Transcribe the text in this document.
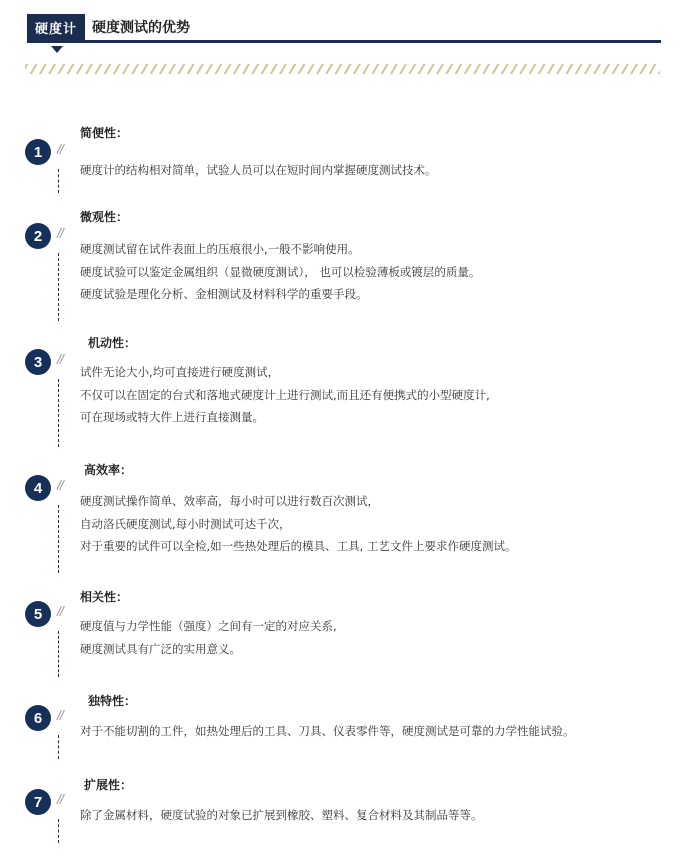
硬度计	硬度测试的优势
简便性：
1	//
硬度计的结构相对简单，试验人员可以在短时间内掌握硬度测试技术。
微观性：
2	//
硬度测试留在试件表面上的压痕很小,一般不影响使用。
硬度试验可以鉴定金属组织（显微硬度测试）， 也可以检验薄板或镀层的质量。
硬度试验是理化分析、金相测试及材料科学的重要手段。
机动性：
3	//
试件无论大小,均可直接进行硬度测试，
不仅可以在固定的台式和落地式硬度计上进行测试,而且还有便携式的小型硬度计,
可在现场或特大件上进行直接测量。
高效率：
4	//
硬度测试操作简单、效率高，每小时可以进行数百次测试，
自动洛氏硬度测试,每小时测试可达千次，
对于重要的试件可以全检,如一些热处理后的模具、工具, 工艺文件上要求作硬度测试。
相关性：
5	//
硬度值与力学性能（强度）之间有一定的对应关系,
硬度测试具有广泛的实用意义。
独特性：
6	//
对于不能切割的工件，如热处理后的工具、刀具、仪表零件等，硬度测试是可靠的力学性能试验。
扩展性：
7	//
除了金属材料，硬度试验的对象已扩展到橡胶、塑料、复合材料及其制品等等。
